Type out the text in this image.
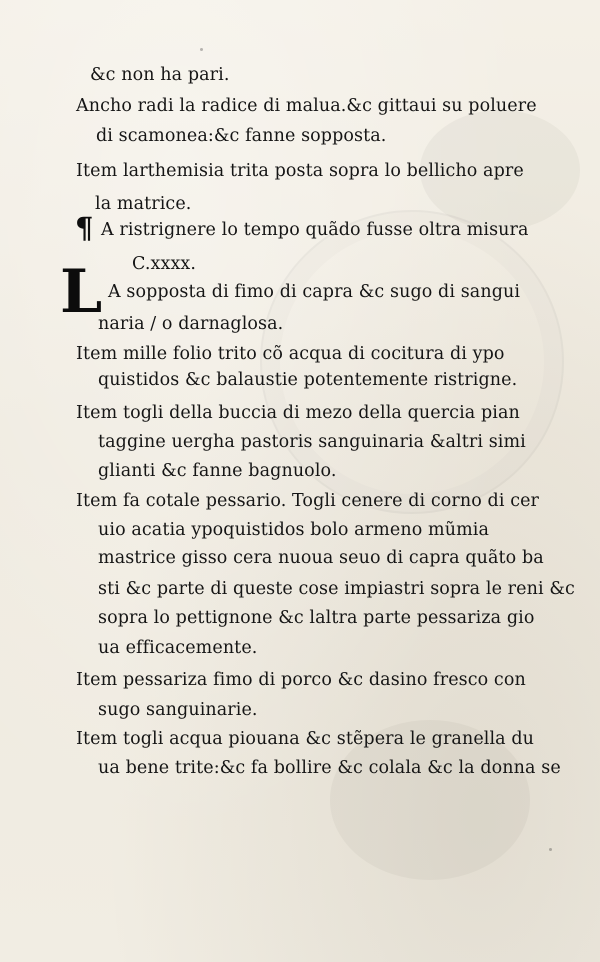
¶
L
&c non ha pari.
Ancho radi la radice di malua.&c gittaui su poluere
di scamonea:&c fanne soppostа.
Item larthemisia trita posta sopra lo bellicho apre
la matrice.
A ristrignere lo tempo quãdo fusse oltra misura
C.xxxx.
A soppostа di fimo di capra &c sugo di sangui
naria / o darnaglosa.
Item mille folio trito cõ acqua di cocitura di ypo
quistidos &c balaustie potentemente ristrigne.
Item togli della buccia di mezo della quercia pian
taggine uergha pastoris sanguinaria &altri simi
glianti &c fanne bagnuolo.
Item fa cotale pessario. Togli cenere di corno di cer
uio acatia ypoquistidos bolo armeno mũmia
mastrice gisso cera nuoua seuo di capra quãto ba
sti &c parte di queste cose impiastri sopra le reni &c
sopra lo pettignone &c laltra parte pessariza gio
ua efficacemente.
Item pessariza fimo di porco &c dasino fresco con
sugo sanguinarie.
Item togli acqua piouana &c stẽpera le granella du
ua bene trite:&c fa bollire &c colala &c la donna se
